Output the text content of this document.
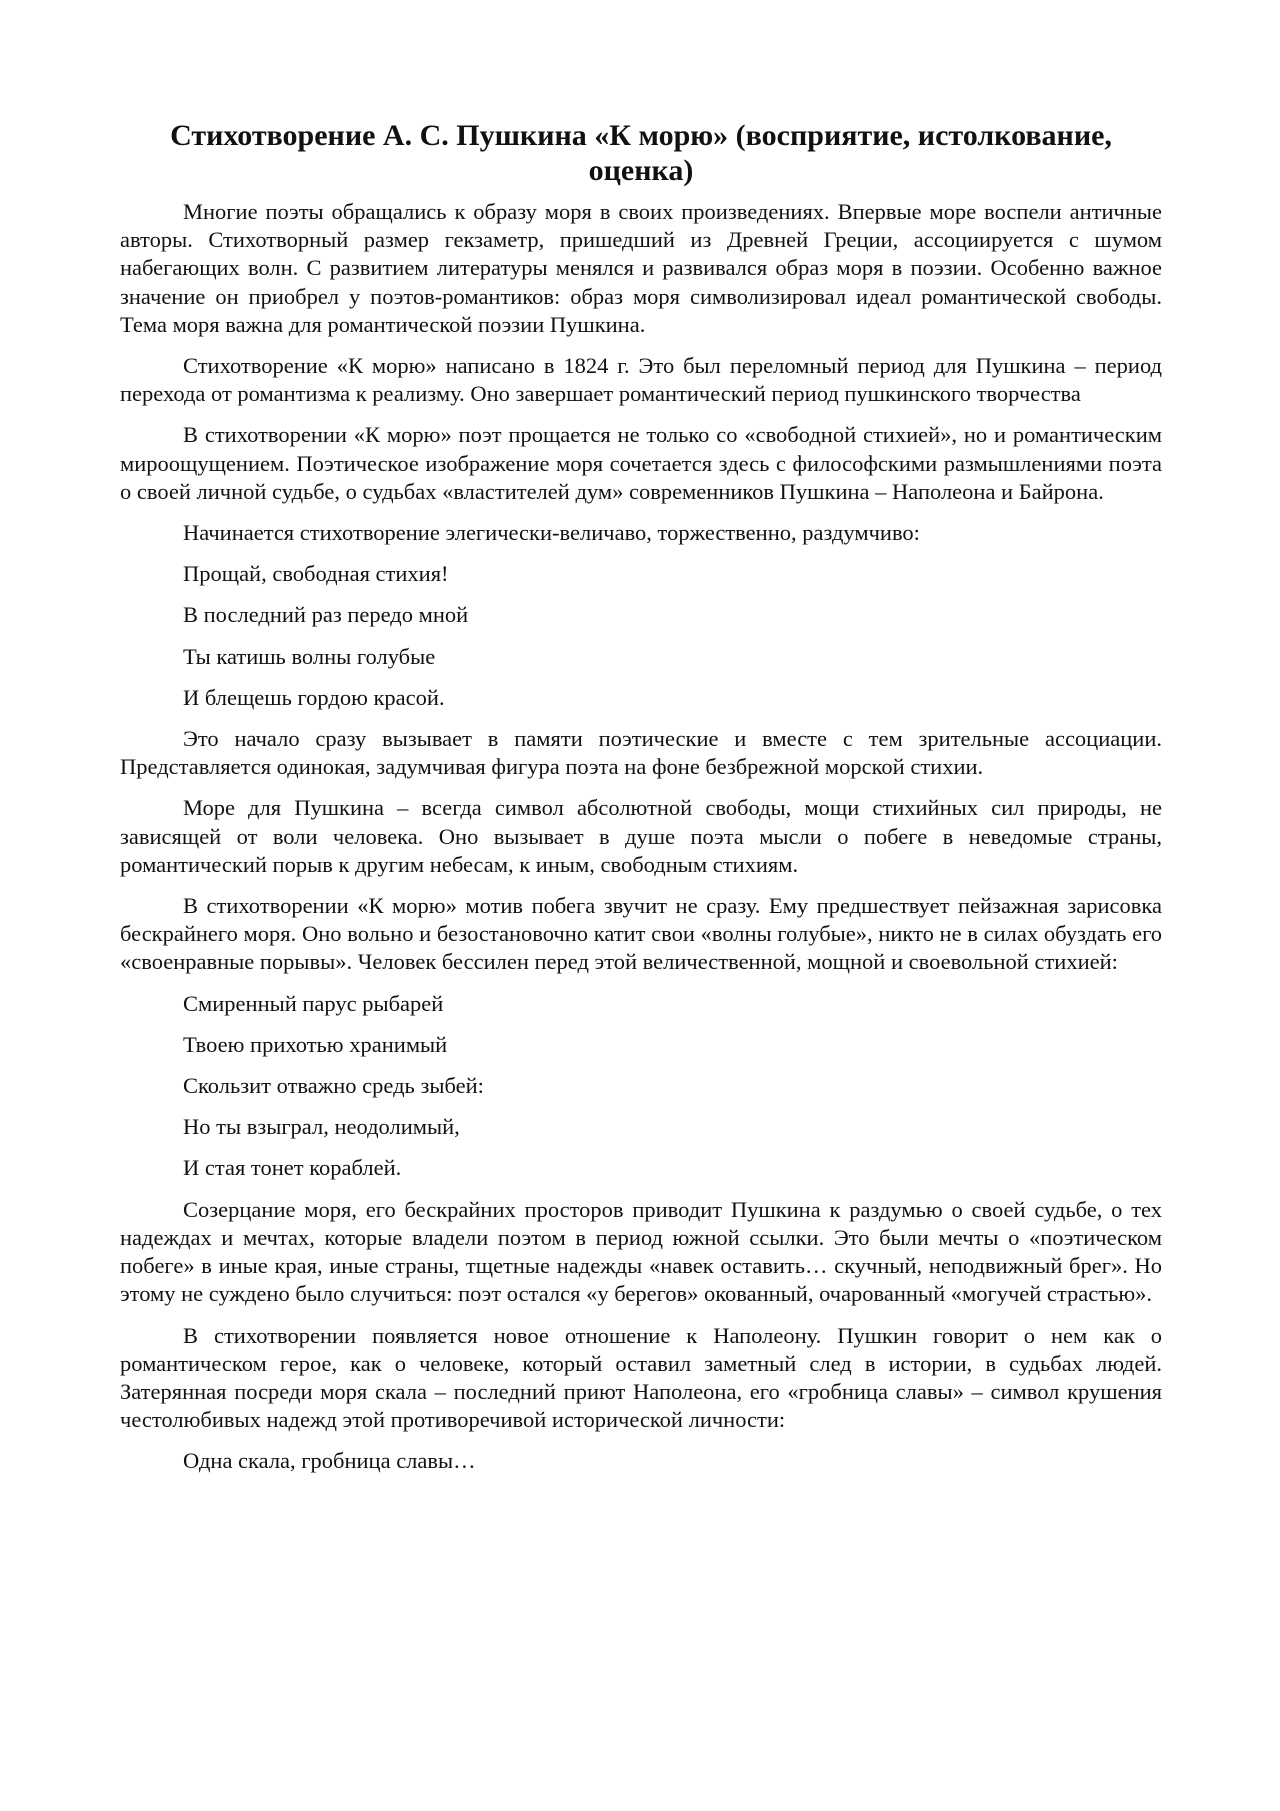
Стихотворение А. С. Пушкина «К морю» (восприятие, истолкование, оценка)

Многие поэты обращались к образу моря в своих произведениях. Впервые море воспели античные авторы. Стихотворный размер гекзаметр, пришедший из Древней Греции, ассоциируется с шумом набегающих волн. С развитием литературы менялся и развивался образ моря в поэзии. Особенно важное значение он приобрел у поэтов-романтиков: образ моря символизировал идеал романтической свободы. Тема моря важна для романтической поэзии Пушкина.

Стихотворение «К морю» написано в 1824 г. Это был переломный период для Пушкина – период перехода от романтизма к реализму. Оно завершает романтический период пушкинского творчества

В стихотворении «К морю» поэт прощается не только со «свободной стихией», но и романтическим мироощущением. Поэтическое изображение моря сочетается здесь с философскими размышлениями поэта о своей личной судьбе, о судьбах «властителей дум» современников Пушкина – Наполеона и Байрона.

Начинается стихотворение элегически-величаво, торжественно, раздумчиво:

Прощай, свободная стихия!

В последний раз передо мной

Ты катишь волны голубые

И блещешь гордою красой.

Это начало сразу вызывает в памяти поэтические и вместе с тем зрительные ассоциации. Представляется одинокая, задумчивая фигура поэта на фоне безбрежной морской стихии.

Море для Пушкина – всегда символ абсолютной свободы, мощи стихийных сил природы, не зависящей от воли человека. Оно вызывает в душе поэта мысли о побеге в неведомые страны, романтический порыв к другим небесам, к иным, свободным стихиям.

В стихотворении «К морю» мотив побега звучит не сразу. Ему предшествует пейзажная зарисовка бескрайнего моря. Оно вольно и безостановочно катит свои «волны голубые», никто не в силах обуздать его «своенравные порывы». Человек бессилен перед этой величественной, мощной и своевольной стихией:

Смиренный парус рыбарей

Твоею прихотью хранимый

Скользит отважно средь зыбей:

Но ты взыграл, неодолимый,

И стая тонет кораблей.

Созерцание моря, его бескрайних просторов приводит Пушкина к раздумью о своей судьбе, о тех надеждах и мечтах, которые владели поэтом в период южной ссылки. Это были мечты о «поэтическом побеге» в иные края, иные страны, тщетные надежды «навек оставить… скучный, неподвижный брег». Но этому не суждено было случиться: поэт остался «у берегов» окованный, очарованный «могучей страстью».

В стихотворении появляется новое отношение к Наполеону. Пушкин говорит о нем как о романтическом герое, как о человеке, который оставил заметный след в истории, в судьбах людей. Затерянная посреди моря скала – последний приют Наполеона, его «гробница славы» – символ крушения честолюбивых надежд этой противоречивой исторической личности:

Одна скала, гробница славы…
